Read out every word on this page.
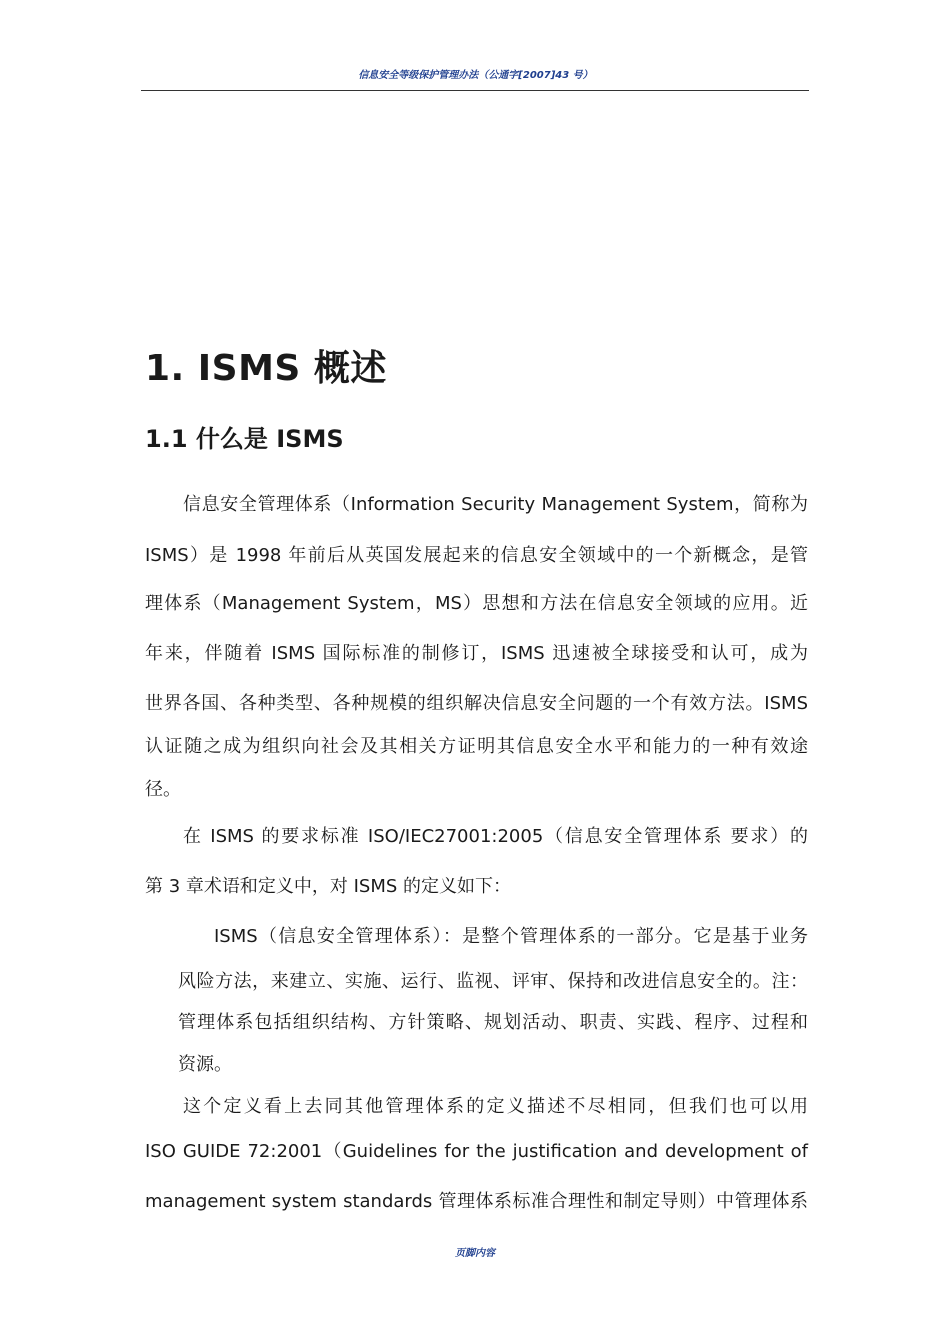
信息安全等级保护管理办法（公通字[2007]43 号）
1. ISMS 概述
1.1 什么是 ISMS
信息安全管理体系（Information Security Management System，简称为
ISMS）是 1998 年前后从英国发展起来的信息安全领域中的一个新概念，是管
理体系（Management System，MS）思想和方法在信息安全领域的应用。近
年来，伴随着 ISMS 国际标准的制修订，ISMS 迅速被全球接受和认可，成为
世界各国、各种类型、各种规模的组织解决信息安全问题的一个有效方法。ISMS
认证随之成为组织向社会及其相关方证明其信息安全水平和能力的一种有效途
径。
在 ISMS 的要求标准 ISO/IEC27001:2005（信息安全管理体系 要求）的
第 3 章术语和定义中，对 ISMS 的定义如下：
ISMS（信息安全管理体系）：是整个管理体系的一部分。它是基于业务
风险方法，来建立、实施、运行、监视、评审、保持和改进信息安全的。注：
管理体系包括组织结构、方针策略、规划活动、职责、实践、程序、过程和
资源。
这个定义看上去同其他管理体系的定义描述不尽相同，但我们也可以用
ISO GUIDE 72:2001（Guidelines for the justification and development of
management system standards 管理体系标准合理性和制定导则）中管理体系
页脚内容
